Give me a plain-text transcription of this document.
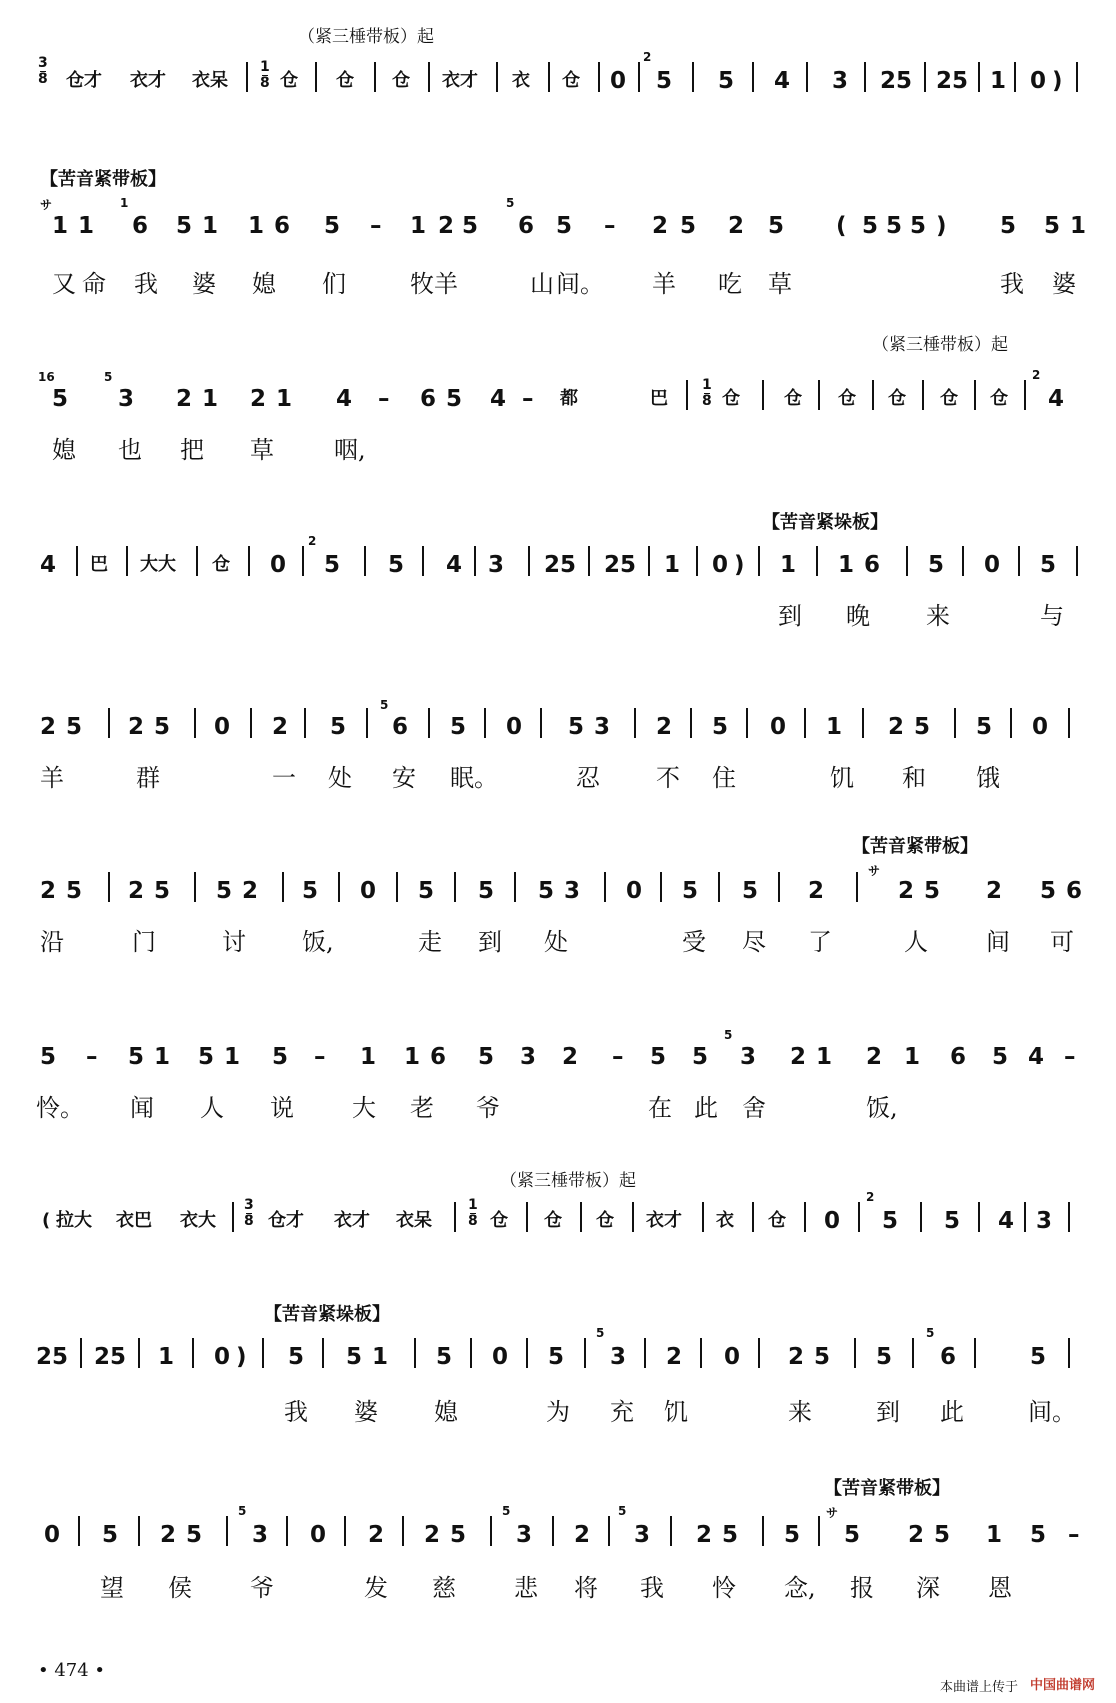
（紧三棰带板）起
3
8 仓才 衣才 衣呆
1
8 仓 仓 仓 衣才 衣 仓 0
2
5 5 4 3 25 25 1 0 )
【苦音紧带板】
サ
1 1
1
6 5 1 1 6 5 – 1 2 5
5
6 5 – 2 5 2 5 ( 5 5 5 ) 5 5 1
又 命 我 婆 媳 们	牧羊	山 间。 羊 吃 草	我 婆
（紧三棰带板）起
16
5
5
3 2 1 2 1 4 – 6 5 4 – 都	巴
1
8 仓 仓 仓 仓 仓 仓
2
4
媳 也 把 草	咽,
【苦音紧垛板】
4 巴 大大 仓 0
2
5 5 4 3 25 25 1 0 ) 1 1 6 5 0 5
到 晚 来	与
2 5 2 5 0 2 5
5
6 5 0 5 3 2 5 0 1 2 5 5 0
羊	群	一 处 安 眠。	忍 不 住	饥 和 饿
【苦音紧带板】
2 5 2 5 5 2 5 0 5 5 5 3 0 5 5 2
サ
2 5 2 5 6
沿	门	讨 饭,	走 到 处	受 尽 了	人 间 可
5 – 5 1 5 1 5 – 1 1 6 5 3 2 – 5 5
5
3 2 1 2 1 6 5 4 –
怜。 闻 人 说 大 老 爷	在 此 舍	饭,
（紧三棰带板）起
( 拉大 衣巴 衣大
3
8 仓才 衣才 衣呆
1
8 仓 仓 仓 衣才 衣 仓 0
2
5 5 4 3
【苦音紧垛板】
25 25 1 0 ) 5 5 1 5 0 5
5
3 2 0 2 5 5
5
6	5
我 婆 媳	为 充 饥	来	到 此	间。
【苦音紧带板】
0 5 2 5
5
3 0 2 2 5
5
3 2
5
3 2 5 5
サ
5 2 5 1 5 –
望 侯 爷	发 慈 悲 将 我 怜 念, 报 深 恩
• 474 •
本曲谱上传于 中国曲谱网
